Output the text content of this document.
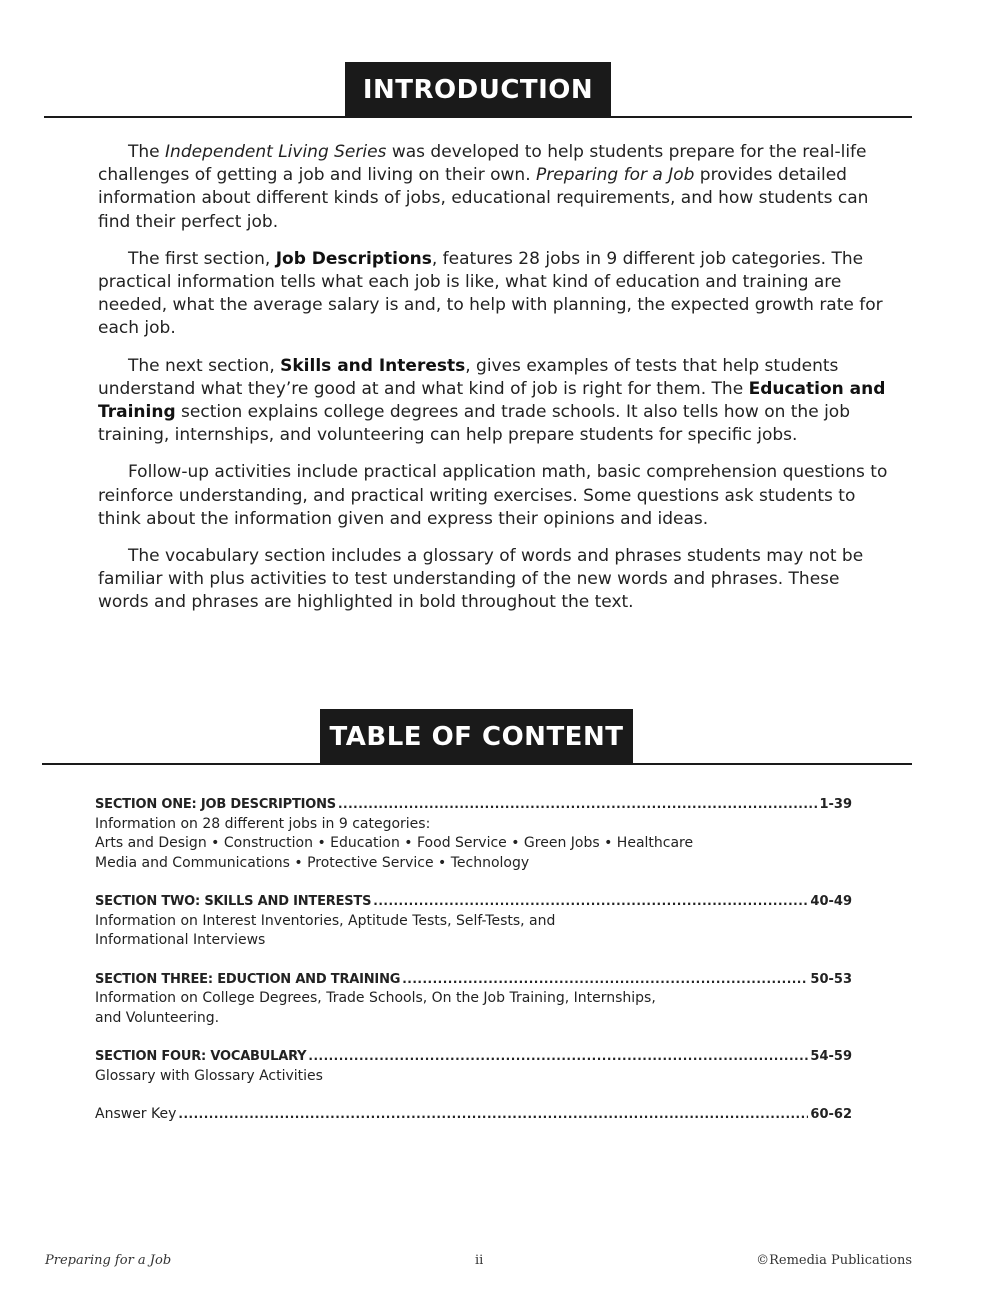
INTRODUCTION

The Independent Living Series was developed to help students prepare for the real-life challenges of getting a job and living on their own. Preparing for a Job provides detailed information about different kinds of jobs, educational requirements, and how students can find their perfect job.

The first section, Job Descriptions, features 28 jobs in 9 different job categories. The practical information tells what each job is like, what kind of education and training are needed, what the average salary is and, to help with planning, the expected growth rate for each job.

The next section, Skills and Interests, gives examples of tests that help students understand what they’re good at and what kind of job is right for them. The Education and Training section explains college degrees and trade schools. It also tells how on the job training, internships, and volunteering can help prepare students for specific jobs.

Follow-up activities include practical application math, basic comprehension questions to reinforce understanding, and practical writing exercises. Some questions ask students to think about the information given and express their opinions and ideas.

The vocabulary section includes a glossary of words and phrases students may not be familiar with plus activities to test understanding of the new words and phrases. These words and phrases are highlighted in bold throughout the text.

TABLE OF CONTENT
SECTION ONE: JOB DESCRIPTIONS .....	1-39
Information on 28 different jobs in 9 categories:
Arts and Design • Construction • Education • Food Service • Green Jobs • Healthcare
Media and Communications • Protective Service • Technology
SECTION TWO: SKILLS AND INTERESTS .....	40-49
Information on Interest Inventories, Aptitude Tests, Self-Tests, and
Informational Interviews
SECTION THREE: EDUCTION AND TRAINING .....	50-53
Information on College Degrees, Trade Schools, On the Job Training, Internships,
and Volunteering.
SECTION FOUR: VOCABULARY .....	54-59
Glossary with Glossary Activities
Answer Key .....	60-62
Preparing for a Job	ii	©Remedia Publications
